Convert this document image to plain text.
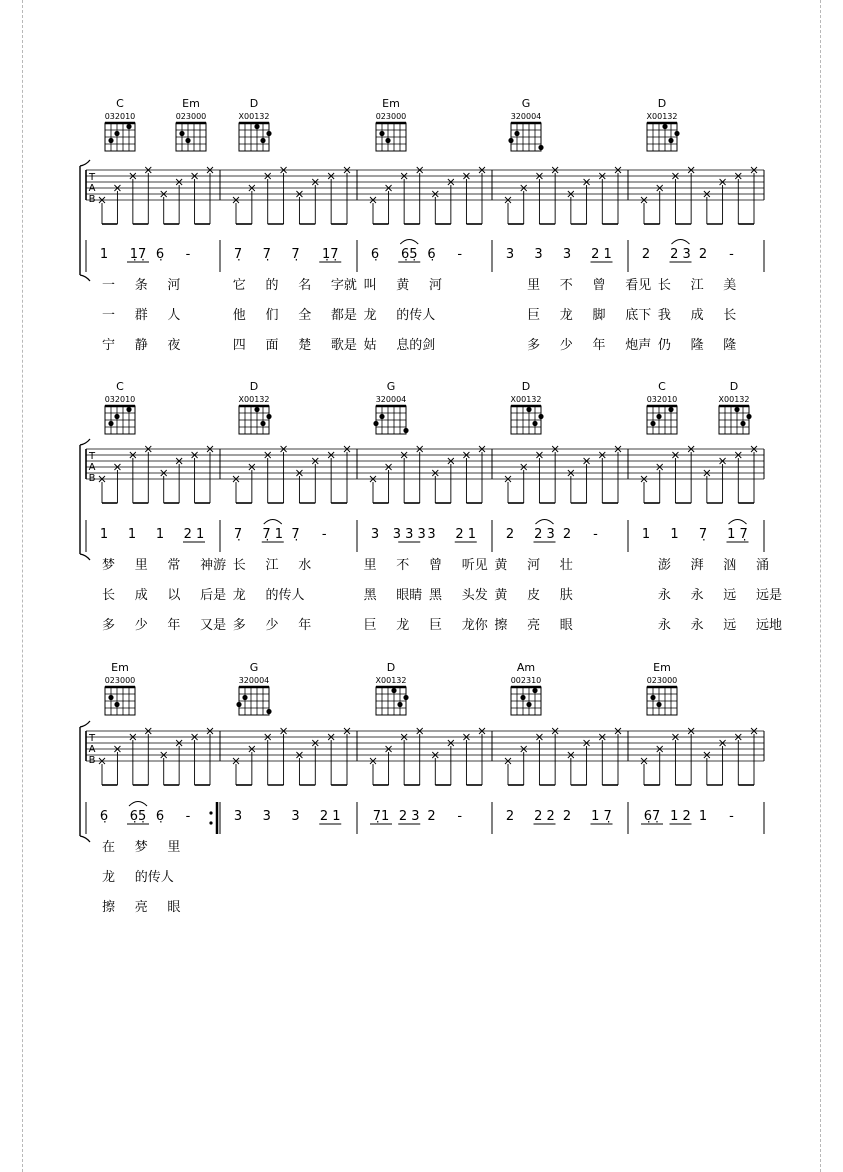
C
032010
Em
023000
D
X00132
Em
023000
G
320004
D
X00132
T
A
B
1 1̣7̣ 6̣ -	7̣ 7̣ 7̣ 1̣7̣ 6̣ 6̣5̣ 6̣ -	3 3 3 2 1 2 2 3 2 -
C
032010
D
X00132
G
320004
D
X00132
C
032010
D
X00132
T
A
B
1 1 1 2 1 7̣ 7̣ 1 7̣ -	3 3 3 3 3 2 1 2 2 3 2 -	1 1 7̣ 1 7̣
Em
023000
G
320004
D
X00132
Am
002310
Em
023000
T
A
B
6̣ 6̣5̣ 6̣ -	3 3 3 2 1 7̣1 2 3 2 -	2 2 2 2 1 7̣ 6̣7̣ 1 2 1 -
一 条 河	它 的 名 字就 叫 黄 河	里 不 曾 看见 长 江 美
一 群 人	他 们 全 都是 龙 的传人	巨 龙 脚 底下 我 成 长
宁 静 夜	四 面 楚 歌是 姑 息的剑	多 少 年 炮声 仍 隆 隆
梦 里 常 神游 长 江 水	里 不 曾 听见 黄 河 壮	澎 湃 汹 涌
长 成 以 后是 龙 的传人	黑 眼睛 黑 头发 黄 皮 肤	永 永 远 远是
多 少 年 又是 多 少 年	巨 龙 巨 龙你 擦 亮 眼	永 永 远 远地
在 梦 里
龙 的传人
擦 亮 眼
